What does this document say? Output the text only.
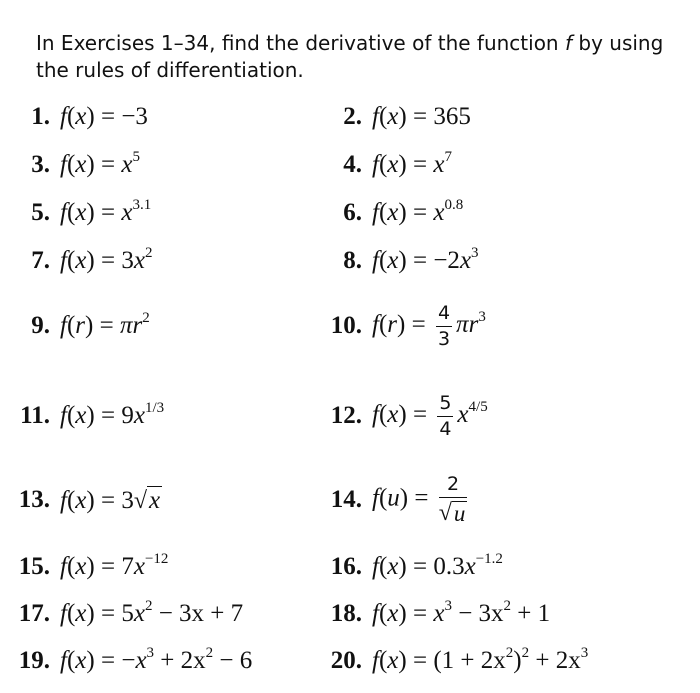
In Exercises 1–34, find the derivative of the function f by using the rules of differentiation.
1. f(x) = −3	2. f(x) = 365
3. $f(x) = x^5$	4. $f(x) = x^7$
5. $f(x) = x^{3.1}$	6. $f(x) = x^{0.8}$
7. $f(x) = 3x^2$	8. $f(x) = -2x^3$
9. $f(r) = \pi r^2$	10. $f(r) = \frac{4}{3} \pi r^3$
11. $f(x) = 9x^{1/3}$	12. $f(x) = \frac{5}{4} x^{4/5}$
13. f(x) = 3 √ x	14. $f(u) = \frac{2}{√ u}$
15. $f(x) = 7x^{-12}$	16. $f(x) = 0.3x^{-1.2}$
17. $f(x) = 5x^2 - 3x + 7$	18. $f(x) = x^3 - 3x^2 + 1$
19. $f(x) = -x^3 + 2x^2 - 6$	20. $f(x) = (1 + 2x^2)^2 + 2x^3$
